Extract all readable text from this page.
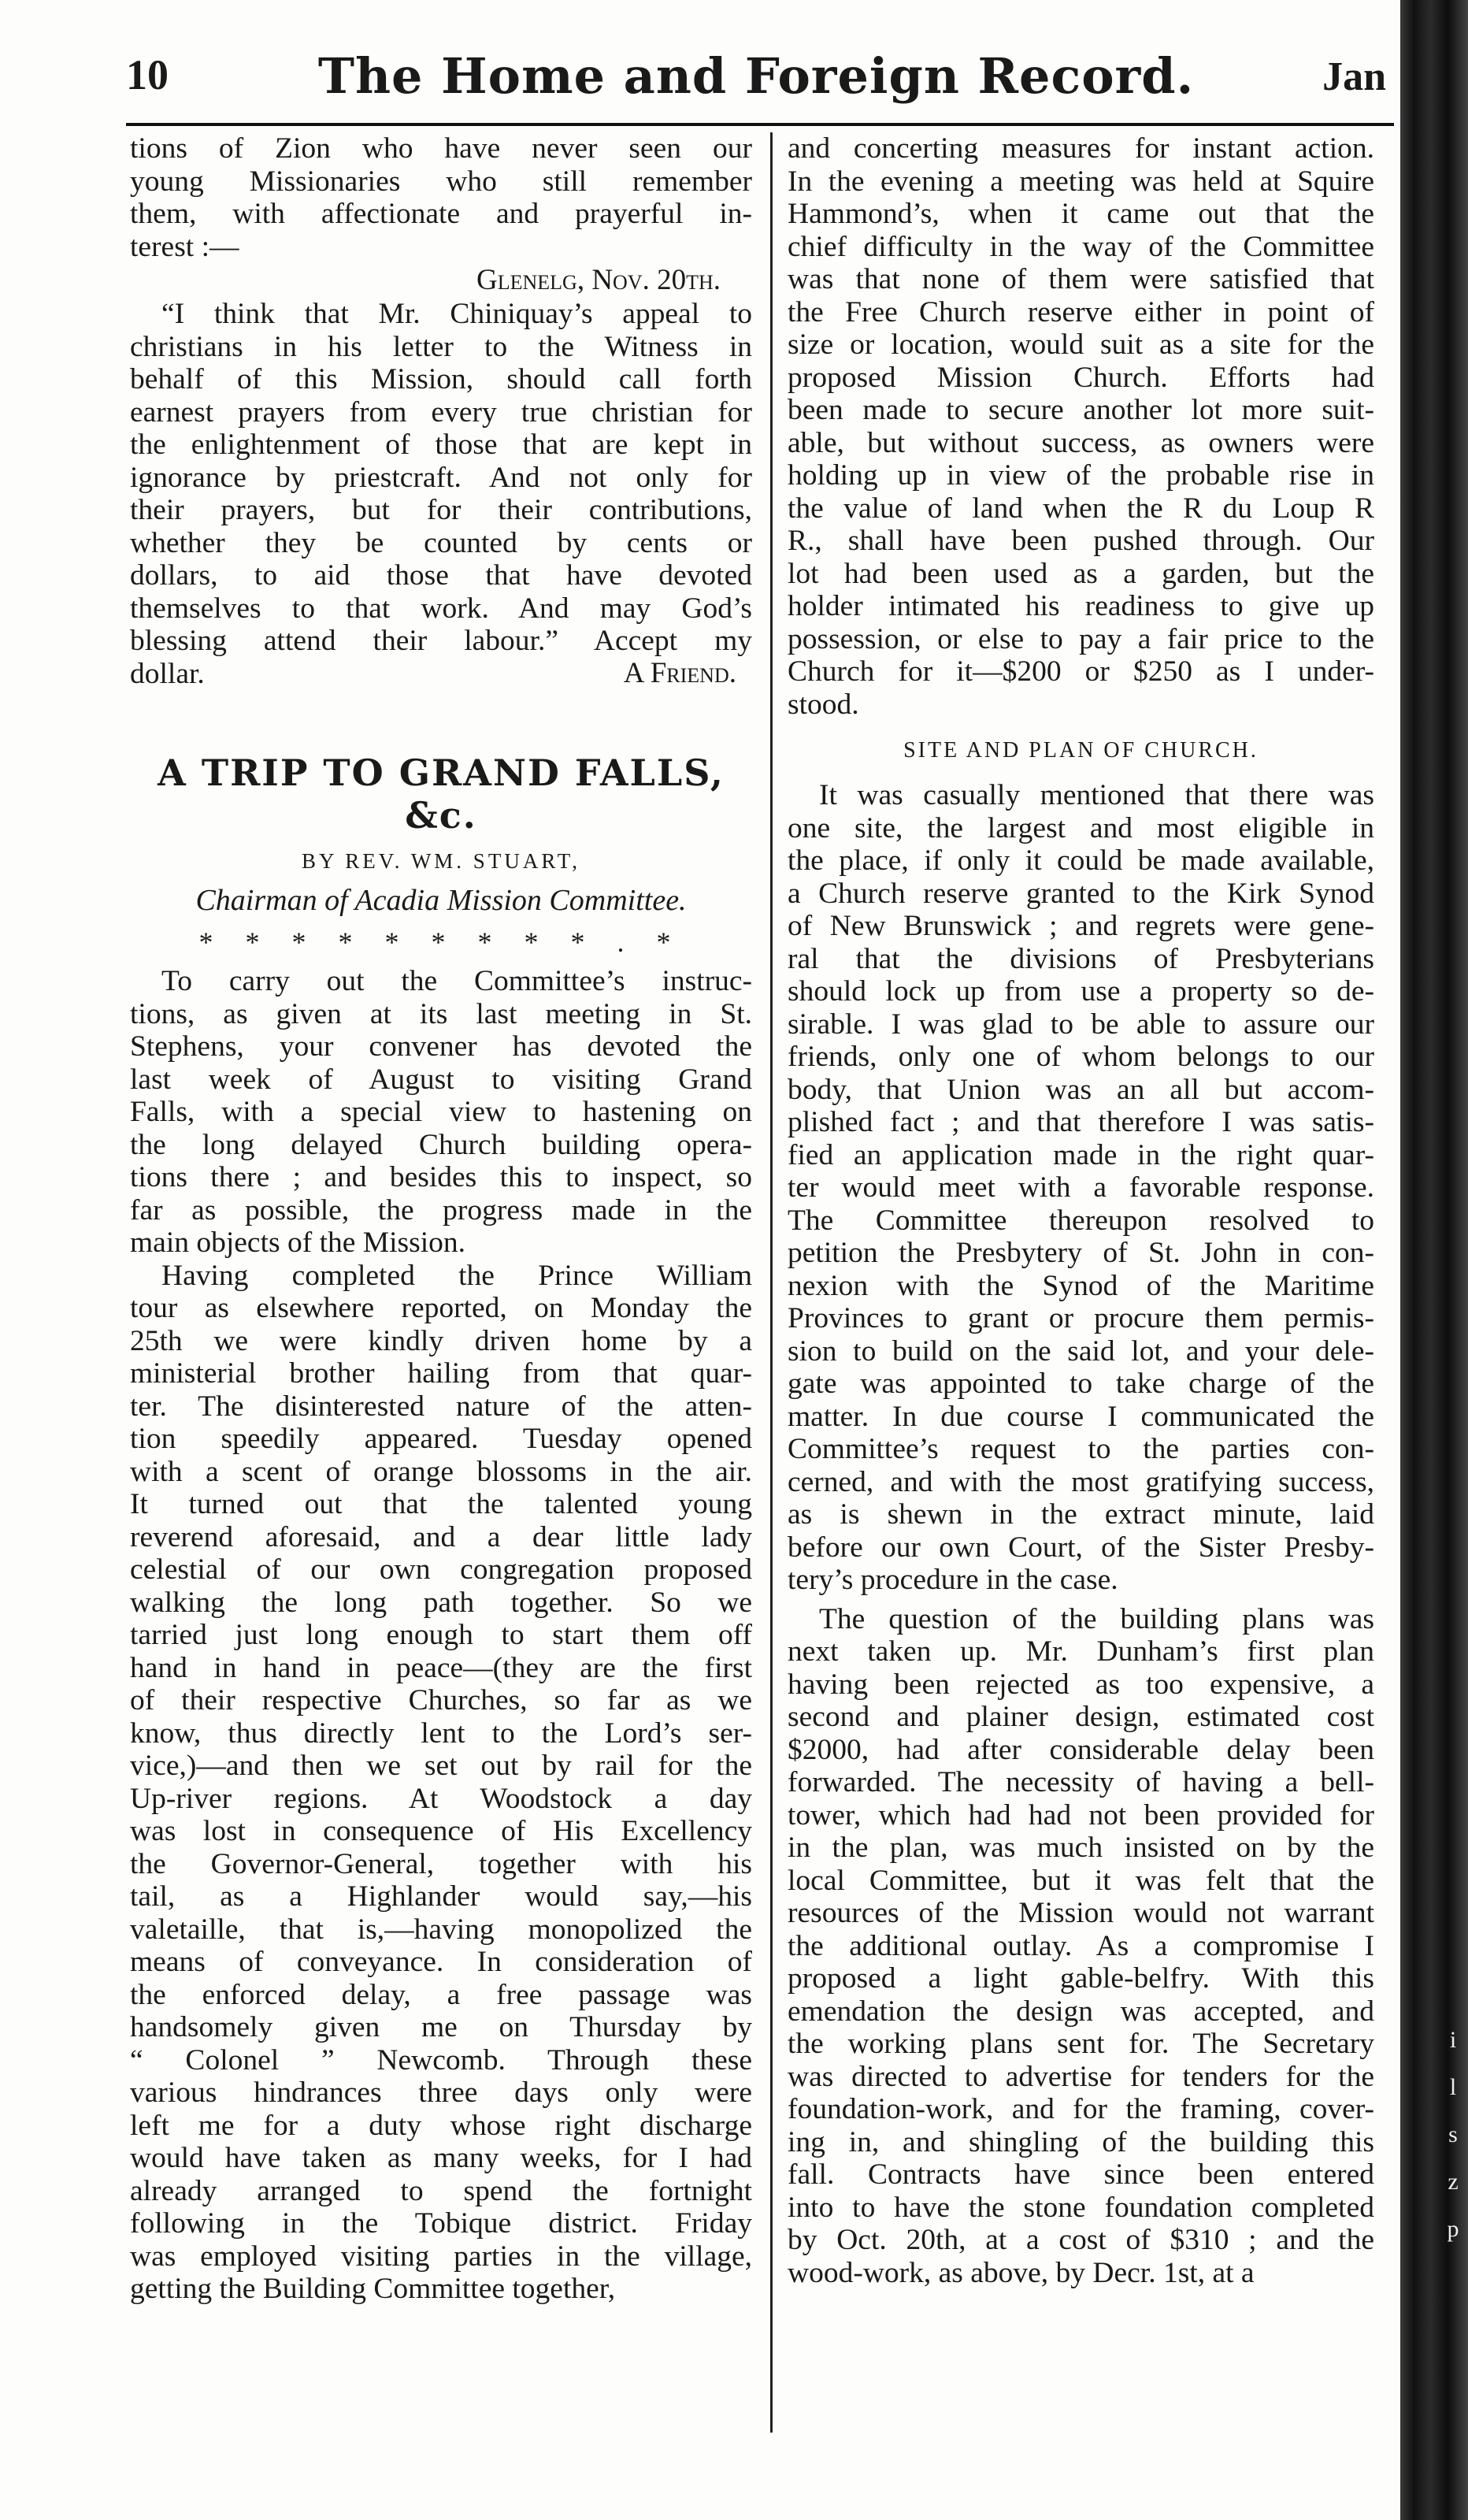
10	The Home and Foreign Record.	Jan

tions of Zion who have never seen our
young Missionaries who still remember
them, with affectionate and prayerful in-
terest :—

Glenelg, Nov. 20th.

“I think that Mr. Chiniquay’s appeal to
christians in his letter to the Witness in
behalf of this Mission, should call forth
earnest prayers from every true christian for
the enlightenment of those that are kept in
ignorance by priestcraft. And not only for
their prayers, but for their contributions,
whether they be counted by cents or
dollars, to aid those that have devoted
themselves to that work. And may God’s
blessing attend their labour.” Accept my
dollar.	A Friend.
A TRIP TO GRAND FALLS, &c.
BY REV. WM. STUART,
Chairman of Acadia Mission Committee.
* * * * * * * * * . *

To carry out the Committee’s instruc-
tions, as given at its last meeting in St.
Stephens, your convener has devoted the
last week of August to visiting Grand
Falls, with a special view to hastening on
the long delayed Church building opera-
tions there ; and besides this to inspect, so
far as possible, the progress made in the
main objects of the Mission.

Having completed the Prince William
tour as elsewhere reported, on Monday the
25th we were kindly driven home by a
ministerial brother hailing from that quar-
ter. The disinterested nature of the atten-
tion speedily appeared. Tuesday opened
with a scent of orange blossoms in the air.
It turned out that the talented young
reverend aforesaid, and a dear little lady
celestial of our own congregation proposed
walking the long path together. So we
tarried just long enough to start them off
hand in hand in peace—(they are the first
of their respective Churches, so far as we
know, thus directly lent to the Lord’s ser-
vice,)—and then we set out by rail for the
Up-river regions. At Woodstock a day
was lost in consequence of His Excellency
the Governor-General, together with his
tail, as a Highlander would say,—his
valetaille, that is,—having monopolized the
means of conveyance. In consideration of
the enforced delay, a free passage was
handsomely given me on Thursday by
“ Colonel ” Newcomb. Through these
various hindrances three days only were
left me for a duty whose right discharge
would have taken as many weeks, for I had
already arranged to spend the fortnight
following in the Tobique district. Friday
was employed visiting parties in the village,
getting the Building Committee together,

and concerting measures for instant action.
In the evening a meeting was held at Squire
Hammond’s, when it came out that the
chief difficulty in the way of the Committee
was that none of them were satisfied that
the Free Church reserve either in point of
size or location, would suit as a site for the
proposed Mission Church. Efforts had
been made to secure another lot more suit-
able, but without success, as owners were
holding up in view of the probable rise in
the value of land when the R du Loup R
R., shall have been pushed through. Our
lot had been used as a garden, but the
holder intimated his readiness to give up
possession, or else to pay a fair price to the
Church for it—$200 or $250 as I under-
stood.

SITE AND PLAN OF CHURCH.

It was casually mentioned that there was
one site, the largest and most eligible in
the place, if only it could be made available,
a Church reserve granted to the Kirk Synod
of New Brunswick ; and regrets were gene-
ral that the divisions of Presbyterians
should lock up from use a property so de-
sirable. I was glad to be able to assure our
friends, only one of whom belongs to our
body, that Union was an all but accom-
plished fact ; and that therefore I was satis-
fied an application made in the right quar-
ter would meet with a favorable response.
The Committee thereupon resolved to
petition the Presbytery of St. John in con-
nexion with the Synod of the Maritime
Provinces to grant or procure them permis-
sion to build on the said lot, and your dele-
gate was appointed to take charge of the
matter. In due course I communicated the
Committee’s request to the parties con-
cerned, and with the most gratifying success,
as is shewn in the extract minute, laid
before our own Court, of the Sister Presby-
tery’s procedure in the case.

The question of the building plans was
next taken up. Mr. Dunham’s first plan
having been rejected as too expensive, a
second and plainer design, estimated cost
$2000, had after considerable delay been
forwarded. The necessity of having a bell-
tower, which had had not been provided for
in the plan, was much insisted on by the
local Committee, but it was felt that the
resources of the Mission would not warrant
the additional outlay. As a compromise I
proposed a light gable-belfry. With this
emendation the design was accepted, and
the working plans sent for. The Secretary
was directed to advertise for tenders for the
foundation-work, and for the framing, cover-
ing in, and shingling of the building this
fall. Contracts have since been entered
into to have the stone foundation completed
by Oct. 20th, at a cost of $310 ; and the
wood-work, as above, by Decr. 1st, at a

i l s z p
